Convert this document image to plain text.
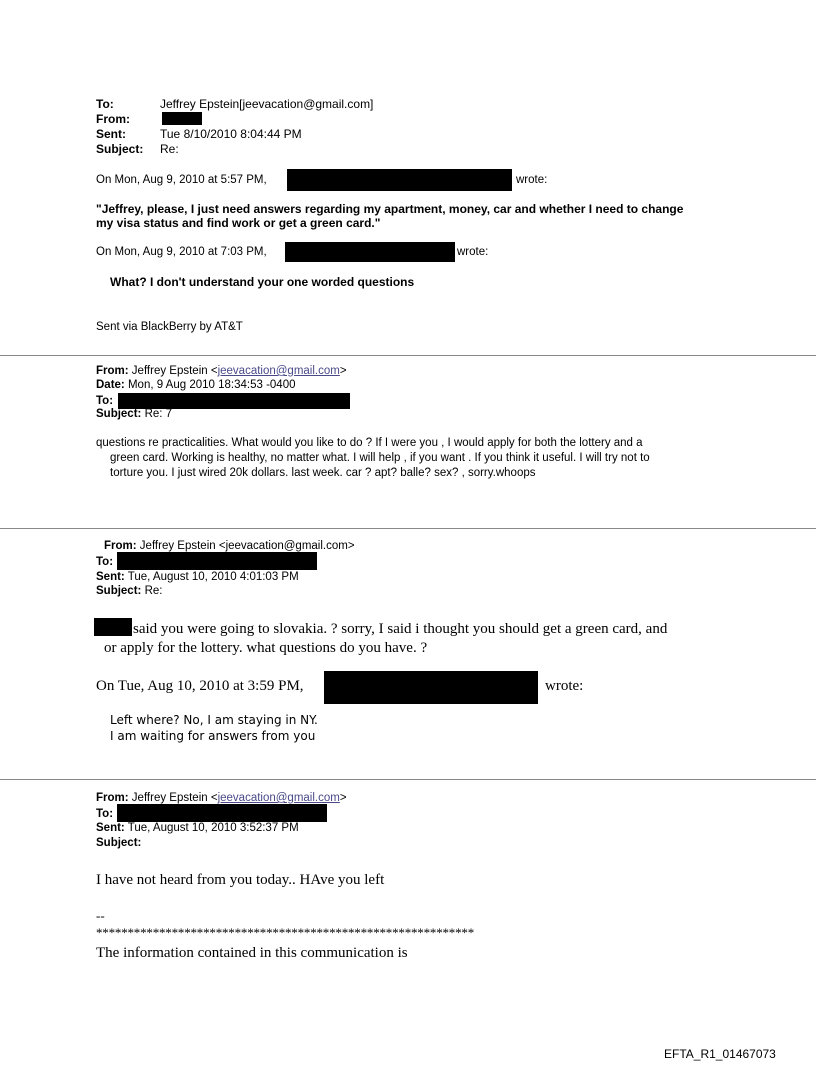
To:	Jeffrey Epstein[jeevacation@gmail.com]
From:
Sent:	Tue 8/10/2010 8:04:44 PM
Subject: Re:
On Mon, Aug 9, 2010 at 5:57 PM,	wrote:
"Jeffrey, please, I just need answers regarding my apartment, money, car and whether I need to change
my visa status and find work or get a green card."
On Mon, Aug 9, 2010 at 7:03 PM,	wrote:
What? I don't understand your one worded questions
Sent via BlackBerry by AT&T
From: Jeffrey Epstein <jeevacation@gmail.com>
Date: Mon, 9 Aug 2010 18:34:53 -0400
To:
Subject: Re: 7
questions re practicalities. What would you like to do ? If I were you , I would apply for both the lottery and a
green card. Working is healthy, no matter what. I will help , if you want . If you think it useful. I will try not to
torture you. I just wired 20k dollars. last week. car ? apt? balle? sex? , sorry.whoops
From: Jeffrey Epstein <jeevacation@gmail.com>
To:
Sent: Tue, August 10, 2010 4:01:03 PM
Subject: Re:
said you were going to slovakia. ? sorry, I said i thought you should get a green card, and
or apply for the lottery. what questions do you have. ?
On Tue, Aug 10, 2010 at 3:59 PM,	wrote:
Left where? No, I am staying in NY.
I am waiting for answers from you
From: Jeffrey Epstein <jeevacation@gmail.com>
To:
Sent: Tue, August 10, 2010 3:52:37 PM
Subject:
I have not heard from you today.. HAve you left
--
************************************************************
The information contained in this communication is
EFTA_R1_01467073
